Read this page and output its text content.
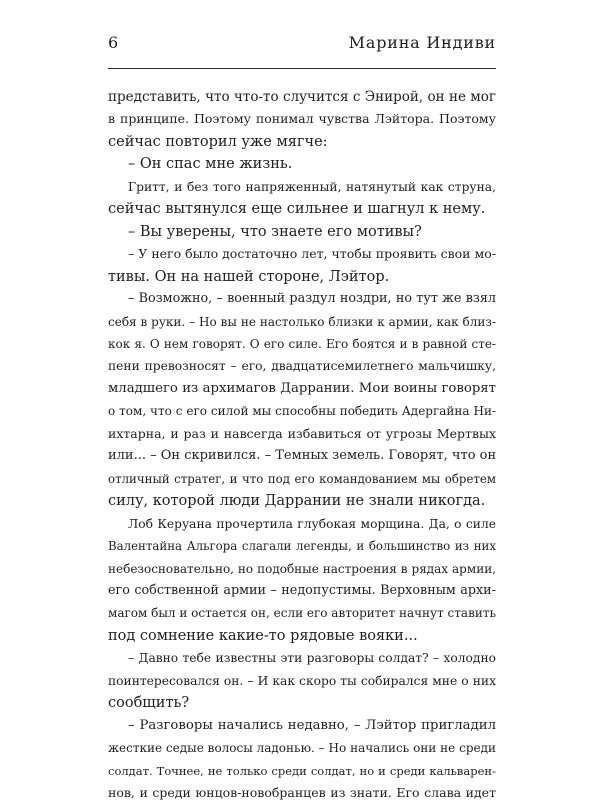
6	Марина Индиви

представить, что что-то случится с Энирой, он не мог

в принципе. Поэтому понимал чувства Лэйтора. Поэтому

сейчас повторил уже мягче:

– Он спас мне жизнь.

Гритт, и без того напряженный, натянутый как струна,

сейчас вытянулся еще сильнее и шагнул к нему.

– Вы уверены, что знаете его мотивы?

– У него было достаточно лет, чтобы проявить свои мо-

тивы. Он на нашей стороне, Лэйтор.

– Возможно, – военный раздул ноздри, но тут же взял

себя в руки. – Но вы не настолько близки к армии, как близ-

кок я. О нем говорят. О его силе. Его боятся и в равной сте-

пени превозносят – его, двадцатисемилетнего мальчишку,

младшего из архимагов Даррании. Мои воины говорят

о том, что с его силой мы способны победить Адергайна Ни-

ихтарна, и раз и навсегда избавиться от угрозы Мертвых

или... – Он скривился. – Темных земель. Говорят, что он

отличный стратег, и что под его командованием мы обретем

силу, которой люди Даррании не знали никогда.

Лоб Керуана прочертила глубокая морщина. Да, о силе

Валентайна Альгора слагали легенды, и большинство из них

небезосновательно, но подобные настроения в рядах армии,

его собственной армии – недопустимы. Верховным архи-

магом был и остается он, если его авторитет начнут ставить

под сомнение какие-то рядовые вояки...

– Давно тебе известны эти разговоры солдат? – холодно

поинтересовался он. – И как скоро ты собирался мне о них

сообщить?

– Разговоры начались недавно, – Лэйтор пригладил

жесткие седые волосы ладонью. – Но начались они не среди

солдат. Точнее, не только среди солдат, но и среди кальварен-

нов, и среди юнцов-новобранцев из знати. Его слава идет
